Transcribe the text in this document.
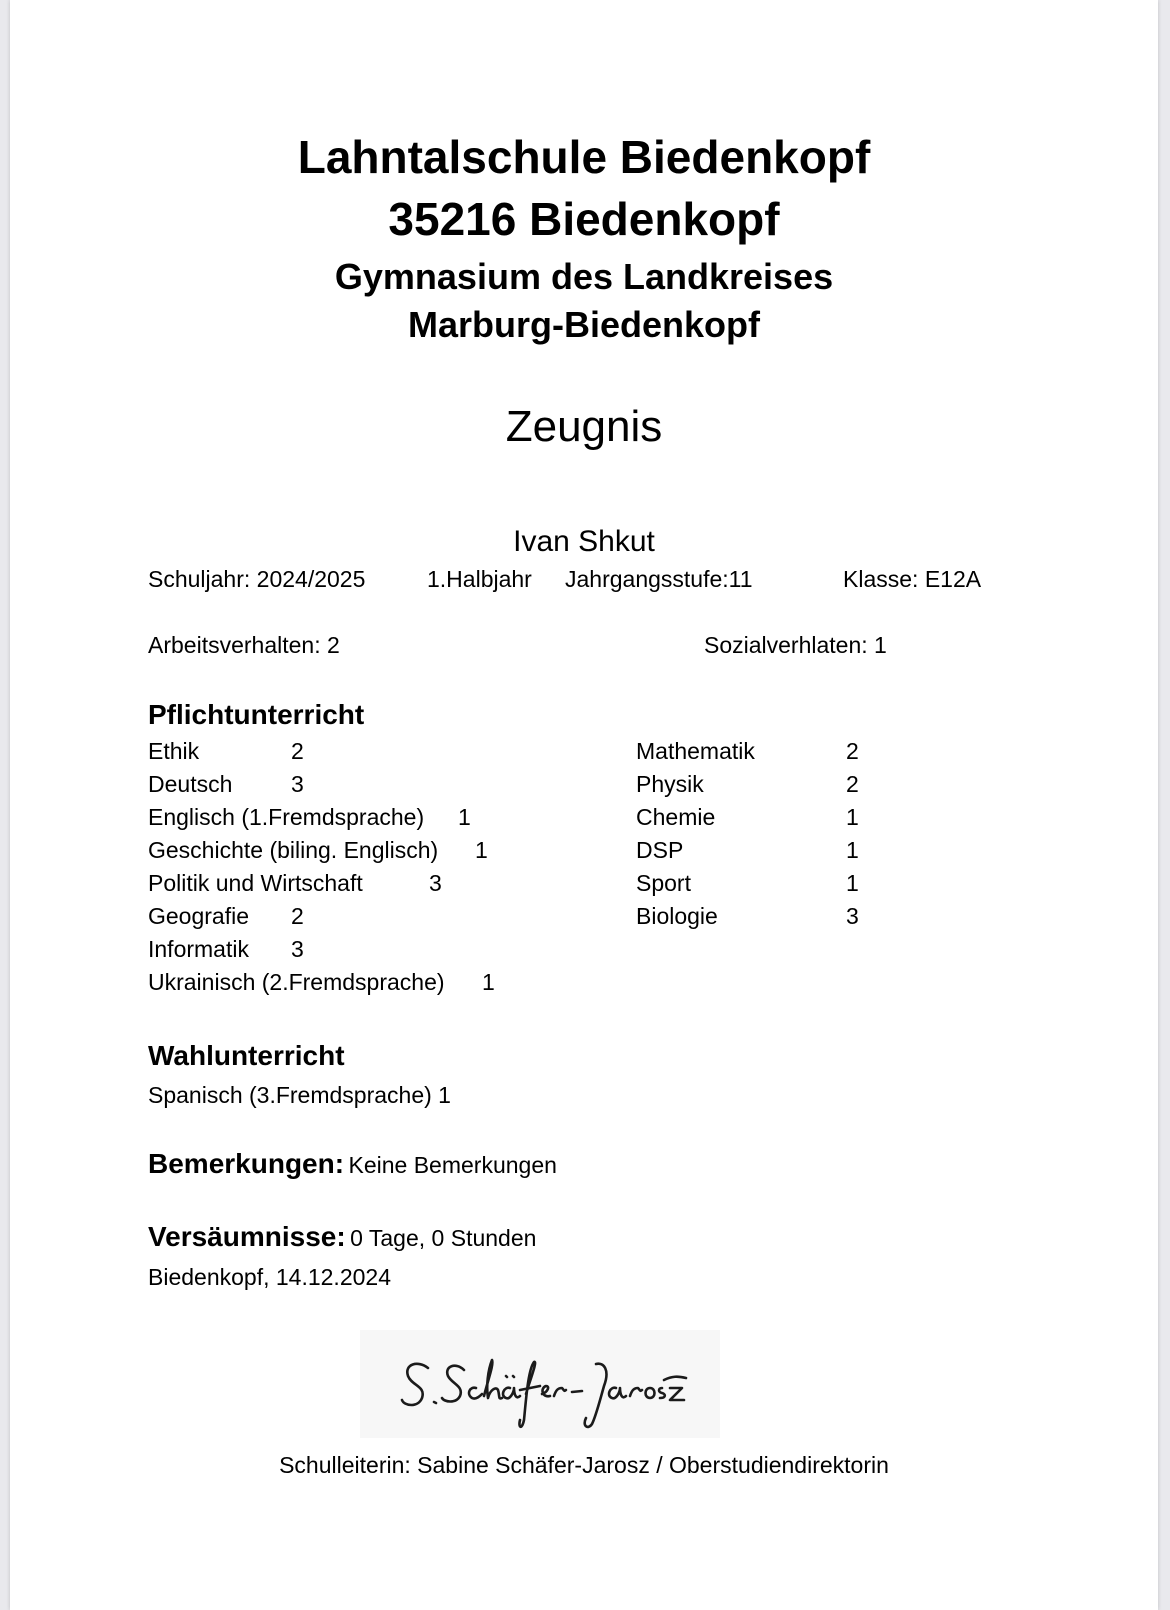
Lahntalschule Biedenkopf
35216 Biedenkopf
Gymnasium des Landkreises
Marburg-Biedenkopf
Zeugnis
Ivan Shkut
Schuljahr: 2024/2025	1.Halbjahr Jahrgangsstufe:11	Klasse: E12A
Arbeitsverhalten: 2	Sozialverhlaten: 1
Pflichtunterricht
Ethik	2
Deutsch	3
Englisch (1.Fremdsprache) 1
Geschichte (biling. Englisch) 1
Politik und Wirtschaft	3
Geografie 2
Informatik 3
Ukrainisch (2.Fremdsprache) 1
Mathematik	2
Physik	2
Chemie	1
DSP	1
Sport	1
Biologie	3
Wahlunterricht
Spanisch (3.Fremdsprache) 1
Bemerkungen: Keine Bemerkungen
Versäumnisse: 0 Tage, 0 Stunden
Biedenkopf, 14.12.2024
Schulleiterin: Sabine Schäfer-Jarosz / Oberstudiendirektorin
